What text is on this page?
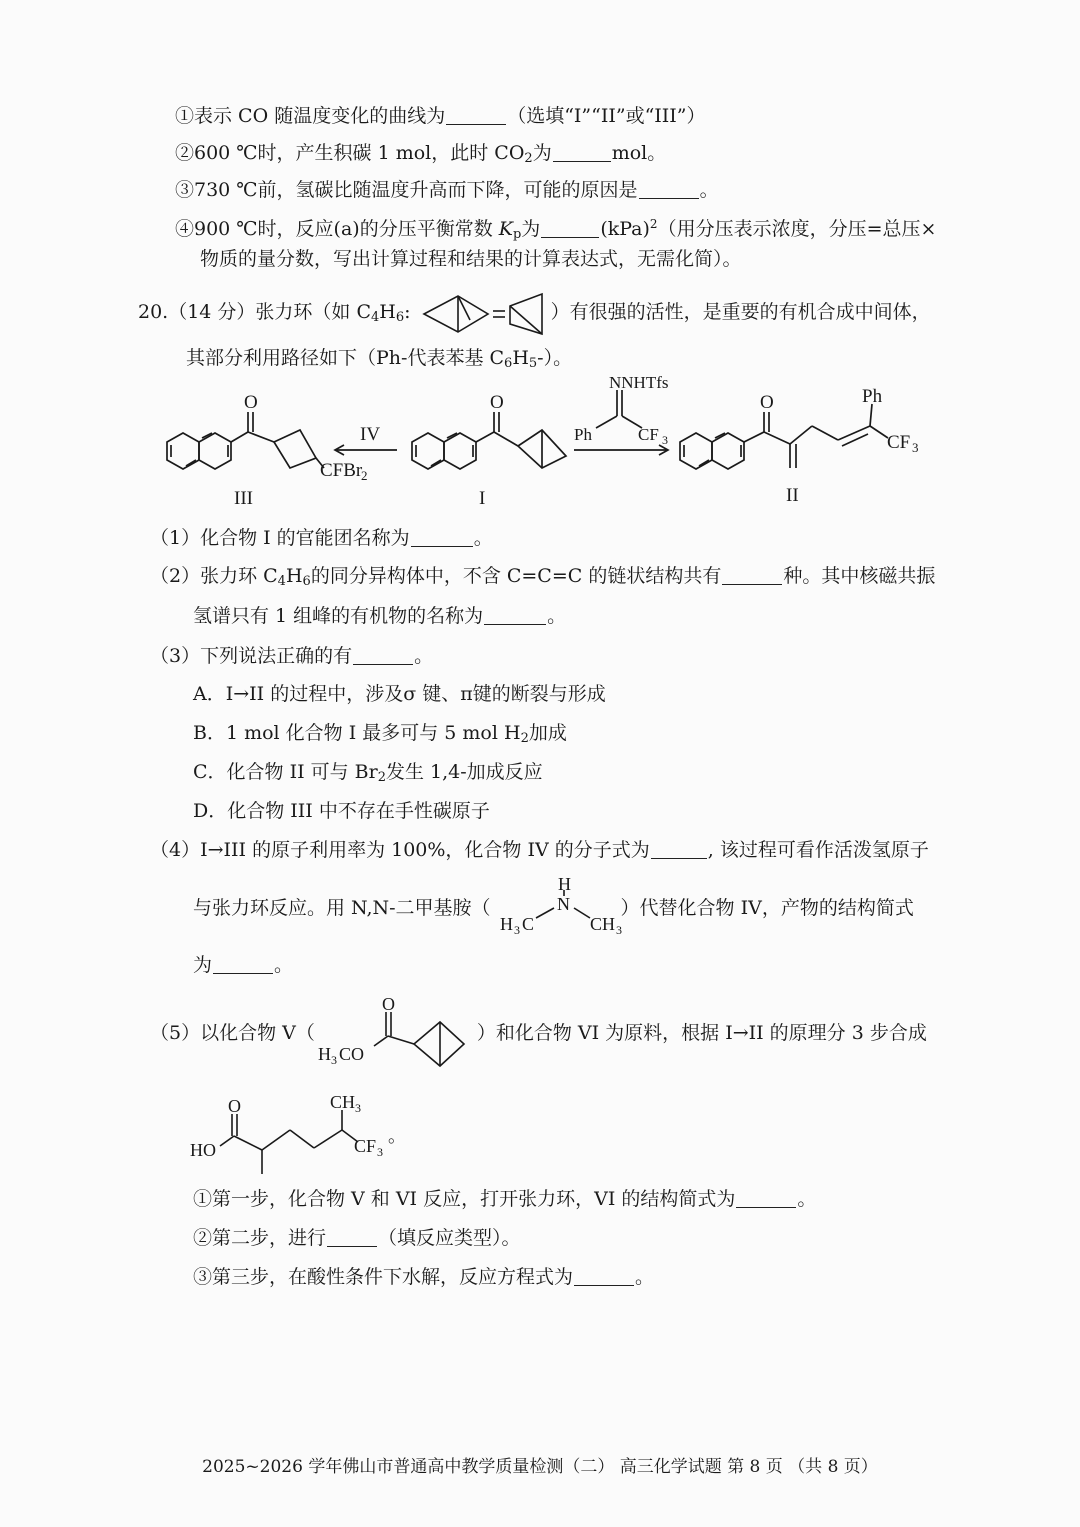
①表示 CO 随温度变化的曲线为	（选填“I”“II”或“III”）
②600 ℃时，产生积碳 1 mol，此时 $CO_2$为	mol。
③730 ℃前，氢碳比随温度升高而下降，可能的原因是	。
④900 ℃时，反应(a)的分压平衡常数 $K_p$为	(kPa)$^2$（用分压表示浓度，分压=总压×
物质的量分数，写出计算过程和结果的计算表达式，无需化简）。
20.（14 分）张力环（如 $C_4H_6$:	）有很强的活性，是重要的有机合成中间体，
其部分利用路径如下（Ph-代表苯基 $C_6H_5-$）。
O
CFBr
2
IV
O
NNHTfs
Ph	CF 3
O	Ph
CF 3
III	I	II
（1）化合物 I 的官能团名称为	。
（2）张力环 $C_4H_6$的同分异构体中，不含 C=C=C 的链状结构共有	种。其中核磁共振
氢谱只有 1 组峰的有机物的名称为	。
（3）下列说法正确的有	。
A．I→II 的过程中，涉及σ 键、π键的断裂与形成
B．1 mol 化合物 I 最多可与 5 mol $H_2$加成
C．化合物 II 可与 $Br_2$发生 1,4-加成反应
D．化合物 III 中不存在手性碳原子
（4）I→III 的原子利用率为 100%，化合物 IV 的分子式为	, 该过程可看作活泼氢原子
与张力环反应。用 N,N-二甲基胺（	）代替化合物 IV，产物的结构简式
H
N
H 3 C	CH 3
为	。
（5）以化合物 V（	）和化合物 VI 为原料，根据 I→II 的原理分 3 步合成
O
H 3 CO
O
HO
CH 3
CF 3
。
①第一步，化合物 V 和 VI 反应，打开张力环，VI 的结构简式为	。
②第二步，进行	（填反应类型）。
③第三步，在酸性条件下水解，反应方程式为	。
2025~2026 学年佛山市普通高中教学质量检测（二） 高三化学试题 第 8 页 （共 8 页）
